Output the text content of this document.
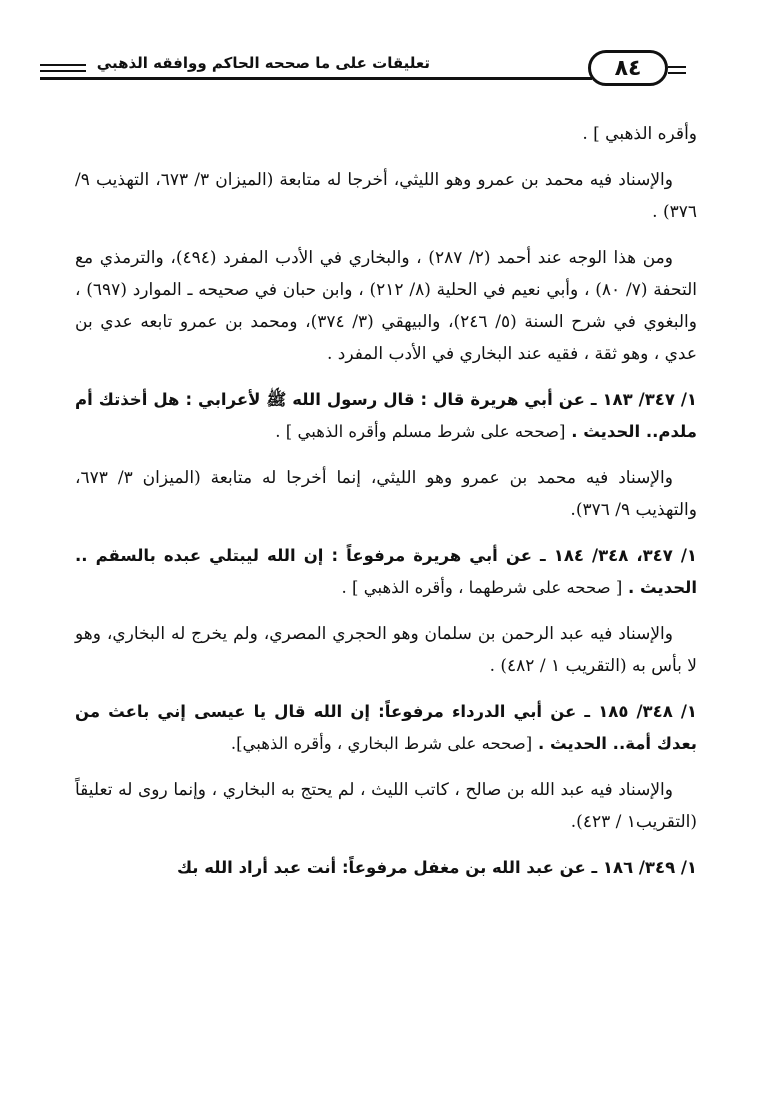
تعليقات على ما صححه الحاكم ووافقه الذهبي	٨٤

وأقره الذهبي ] .

والإسناد فيه محمد بن عمرو وهو الليثي، أخرجا له متابعة (الميزان ٣/ ٦٧٣، التهذيب ٩/ ٣٧٦) .

ومن هذا الوجه عند أحمد (٢/ ٢٨٧) ، والبخاري في الأدب المفرد (٤٩٤)، والترمذي مع التحفة (٧/ ٨٠) ، وأبي نعيم في الحلية (٨/ ٢١٢) ، وابن حبان في صحيحه ـ الموارد (٦٩٧) ، والبغوي في شرح السنة (٥/ ٢٤٦)، والبيهقي (٣/ ٣٧٤)، ومحمد بن عمرو تابعه عدي بن عدي ، وهو ثقة ، فقيه عند البخاري في الأدب المفرد .

١/ ٣٤٧/ ١٨٣ ـ عن أبي هريرة قال : قال رسول الله ﷺ لأعرابي : هل أخذتك أم ملدم.. الحديث . [صححه على شرط مسلم وأقره الذهبي ] .

والإسناد فيه محمد بن عمرو وهو الليثي، إنما أخرجا له متابعة (الميزان ٣/ ٦٧٣، والتهذيب ٩/ ٣٧٦).

١/ ٣٤٧، ٣٤٨/ ١٨٤ ـ عن أبي هريرة مرفوعاً : إن الله ليبتلي عبده بالسقم .. الحديث . [ صححه على شرطهما ، وأقره الذهبي ] .

والإسناد فيه عبد الرحمن بن سلمان وهو الحجري المصري، ولم يخرج له البخاري، وهو لا بأس به (التقريب ١ / ٤٨٢) .

١/ ٣٤٨/ ١٨٥ ـ عن أبي الدرداء مرفوعاً: إن الله قال يا عيسى إني باعث من بعدك أمة.. الحديث . [صححه على شرط البخاري ، وأقره الذهبي].

والإسناد فيه عبد الله بن صالح ، كاتب الليث ، لم يحتج به البخاري ، وإنما روى له تعليقاً (التقريب١ / ٤٢٣).

١/ ٣٤٩/ ١٨٦ ـ عن عبد الله بن مغفل مرفوعاً: أنت عبد أراد الله بك
